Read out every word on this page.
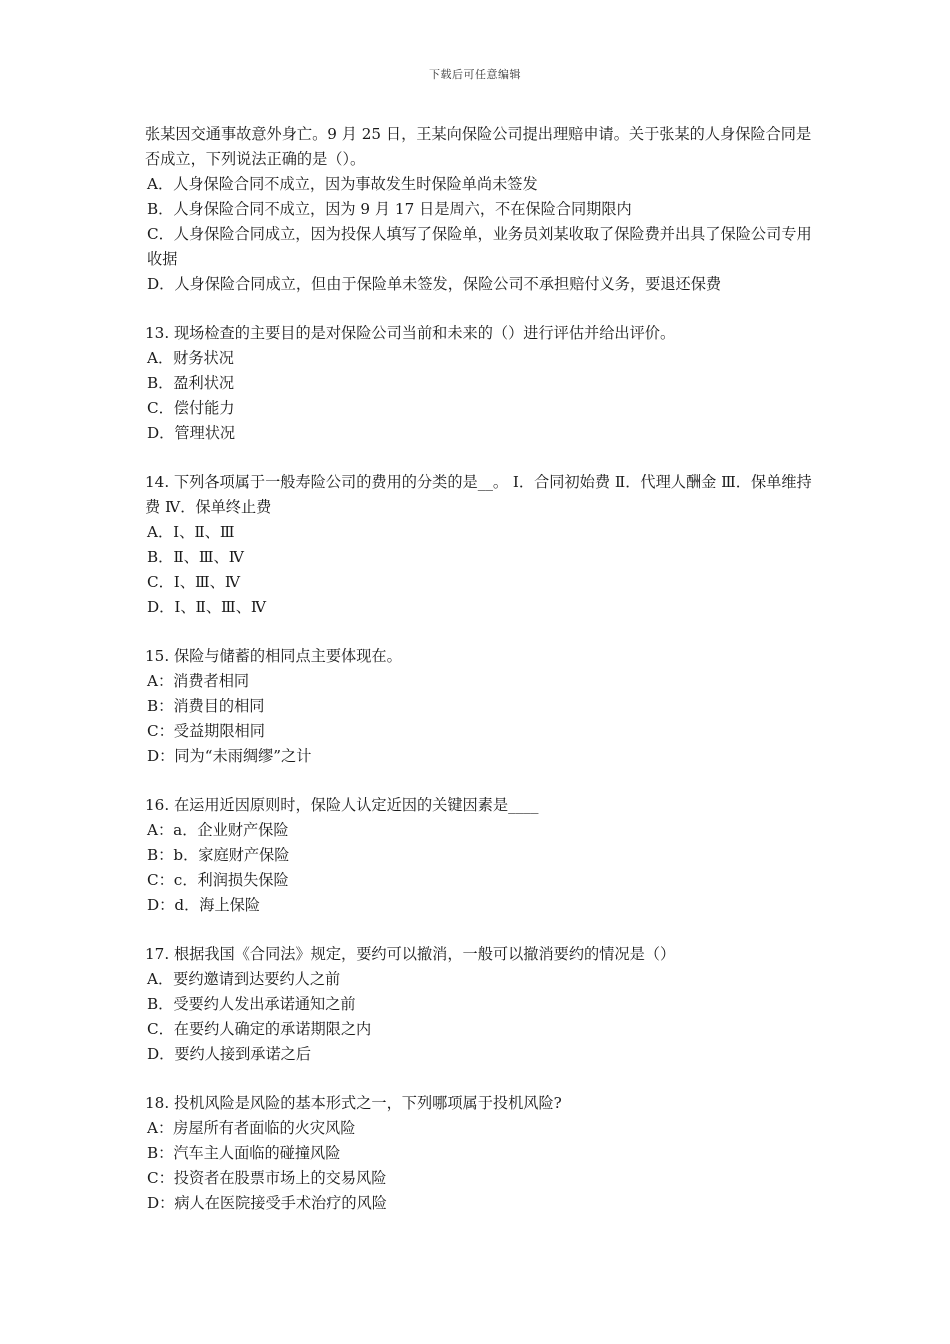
下载后可任意编辑

张某因交通事故意外身亡。9 月 25 日，王某向保险公司提出理赔申请。关于张某的人身保险合同是否成立，下列说法正确的是（）。

A．人身保险合同不成立，因为事故发生时保险单尚未签发

B．人身保险合同不成立，因为 9 月 17 日是周六，不在保险合同期限内

C．人身保险合同成立，因为投保人填写了保险单，业务员刘某收取了保险费并出具了保险公司专用收据

D．人身保险合同成立，但由于保险单未签发，保险公司不承担赔付义务，要退还保费

13. 现场检查的主要目的是对保险公司当前和未来的（）进行评估并给出评价。

A．财务状况

B．盈利状况

C．偿付能力

D．管理状况

14. 下列各项属于一般寿险公司的费用的分类的是__。 Ⅰ．合同初始费 Ⅱ．代理人酬金 Ⅲ．保单维持费 Ⅳ．保单终止费

A．Ⅰ、Ⅱ、Ⅲ

B．Ⅱ、Ⅲ、Ⅳ

C．Ⅰ、Ⅲ、Ⅳ

D．Ⅰ、Ⅱ、Ⅲ、Ⅳ

15. 保险与储蓄的相同点主要体现在。

A：消费者相同

B：消费目的相同

C：受益期限相同

D：同为“未雨绸缪”之计

16. 在运用近因原则时，保险人认定近因的关键因素是____

A：a．企业财产保险

B：b．家庭财产保险

C：c．利润损失保险

D：d．海上保险

17. 根据我国《合同法》规定，要约可以撤消，一般可以撤消要约的情况是（）

A．要约邀请到达要约人之前

B．受要约人发出承诺通知之前

C．在要约人确定的承诺期限之内

D．要约人接到承诺之后

18. 投机风险是风险的基本形式之一，下列哪项属于投机风险?

A：房屋所有者面临的火灾风险

B：汽车主人面临的碰撞风险

C：投资者在股票市场上的交易风险

D：病人在医院接受手术治疗的风险
